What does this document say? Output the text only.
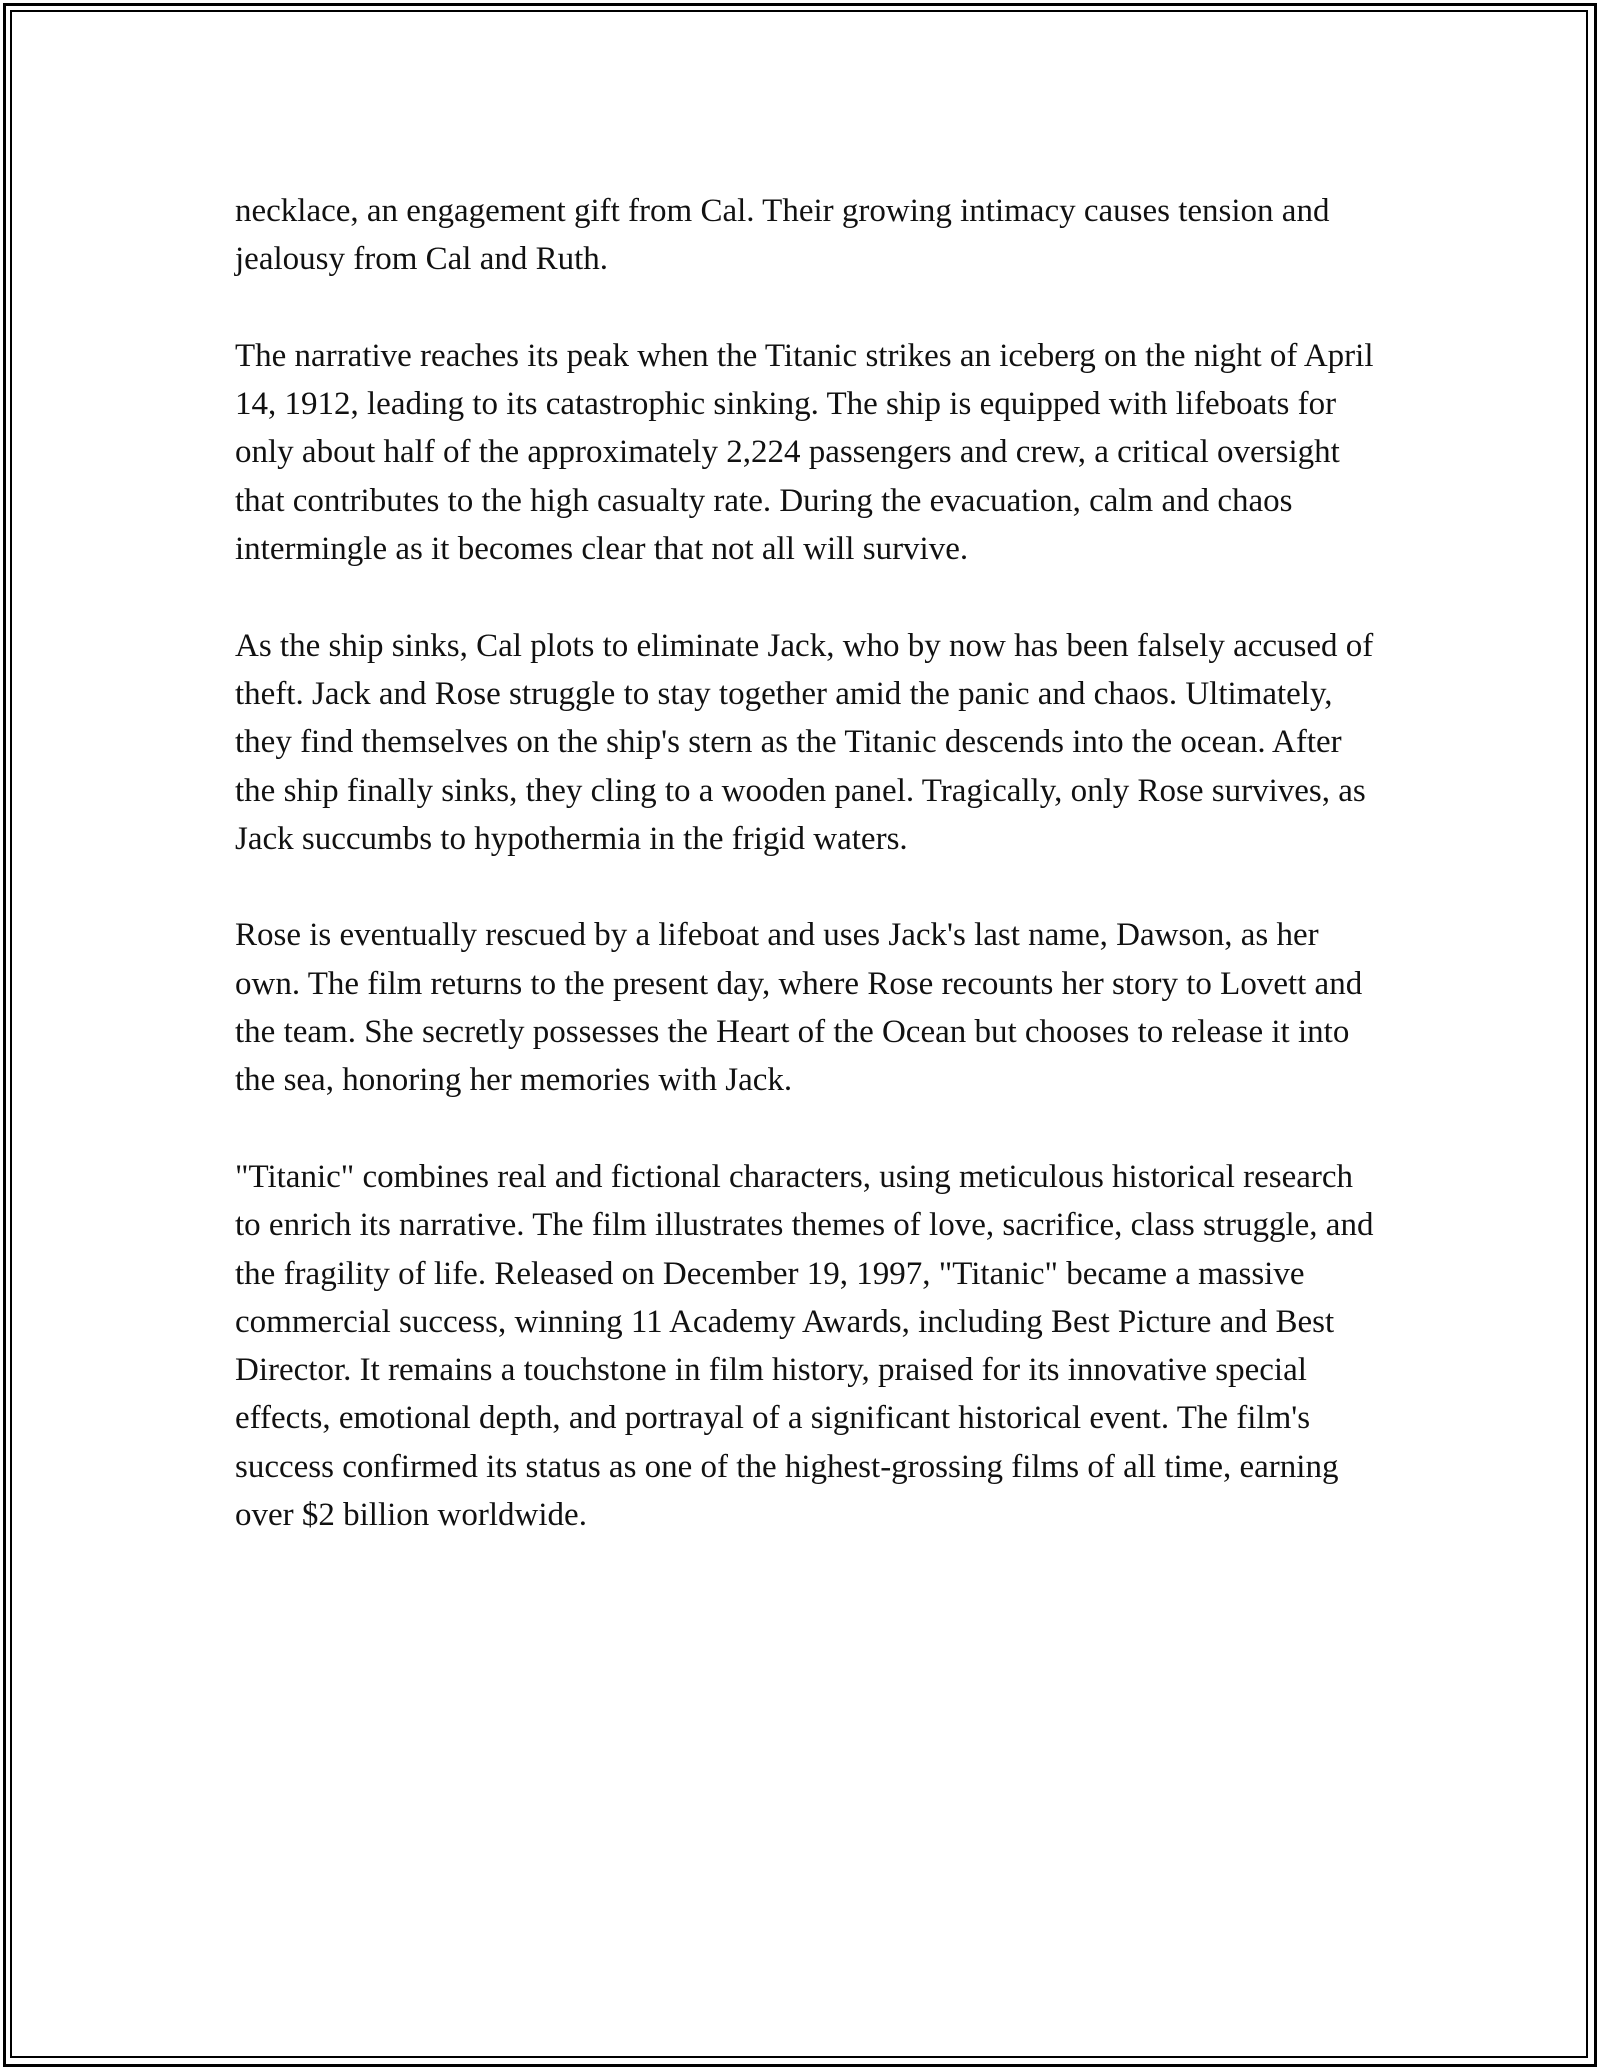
necklace, an engagement gift from Cal. Their growing intimacy causes tension and jealousy from Cal and Ruth.

The narrative reaches its peak when the Titanic strikes an iceberg on the night of April 14, 1912, leading to its catastrophic sinking. The ship is equipped with lifeboats for only about half of the approximately 2,224 passengers and crew, a critical oversight that contributes to the high casualty rate. During the evacuation, calm and chaos intermingle as it becomes clear that not all will survive.

As the ship sinks, Cal plots to eliminate Jack, who by now has been falsely accused of theft. Jack and Rose struggle to stay together amid the panic and chaos. Ultimately, they find themselves on the ship's stern as the Titanic descends into the ocean. After the ship finally sinks, they cling to a wooden panel. Tragically, only Rose survives, as Jack succumbs to hypothermia in the frigid waters.

Rose is eventually rescued by a lifeboat and uses Jack's last name, Dawson, as her own. The film returns to the present day, where Rose recounts her story to Lovett and the team. She secretly possesses the Heart of the Ocean but chooses to release it into the sea, honoring her memories with Jack.

"Titanic" combines real and fictional characters, using meticulous historical research to enrich its narrative. The film illustrates themes of love, sacrifice, class struggle, and the fragility of life. Released on December 19, 1997, "Titanic" became a massive commercial success, winning 11 Academy Awards, including Best Picture and Best Director. It remains a touchstone in film history, praised for its innovative special effects, emotional depth, and portrayal of a significant historical event. The film's success confirmed its status as one of the highest-grossing films of all time, earning over $2 billion worldwide.
